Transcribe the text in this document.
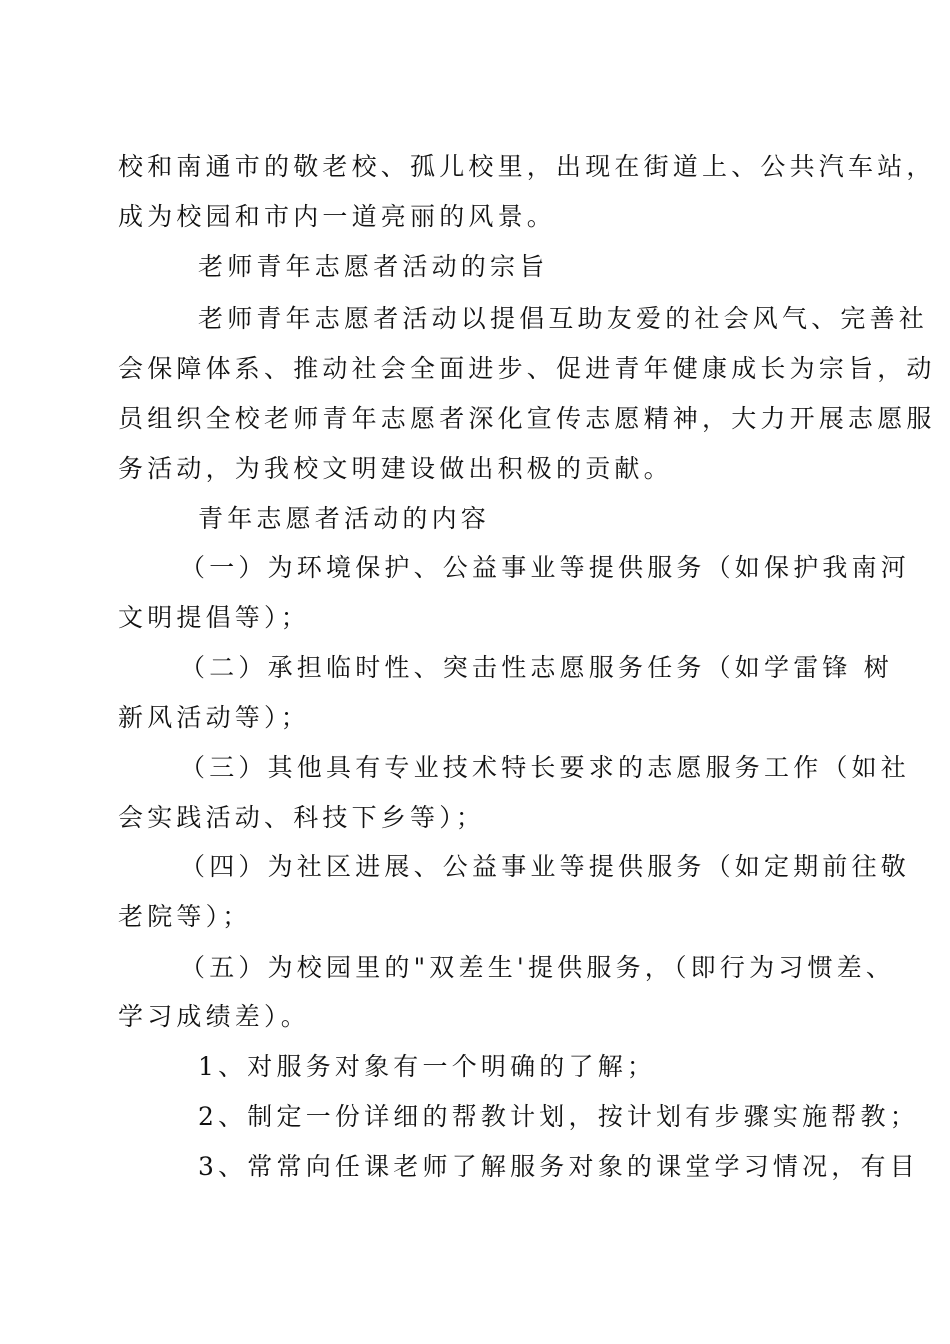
校和南通市的敬老校、孤儿校里，出现在街道上、公共汽车站，
成为校园和市内一道亮丽的风景。
老师青年志愿者活动的宗旨
老师青年志愿者活动以提倡互助友爱的社会风气、完善社
会保障体系、推动社会全面进步、促进青年健康成长为宗旨，动
员组织全校老师青年志愿者深化宣传志愿精神，大力开展志愿服
务活动，为我校文明建设做出积极的贡献。
青年志愿者活动的内容
（一）为环境保护、公益事业等提供服务（如保护我南河
文明提倡等）；
（二）承担临时性、突击性志愿服务任务（如学雷锋 树
新风活动等）；
（三）其他具有专业技术特长要求的志愿服务工作（如社
会实践活动、科技下乡等）；
（四）为社区进展、公益事业等提供服务（如定期前往敬
老院等）；
（五）为校园里的"双差生'提供服务，（即行为习惯差、
学习成绩差）。
1、对服务对象有一个明确的了解；
2、制定一份详细的帮教计划，按计划有步骤实施帮教；
3、常常向任课老师了解服务对象的课堂学习情况，有目
